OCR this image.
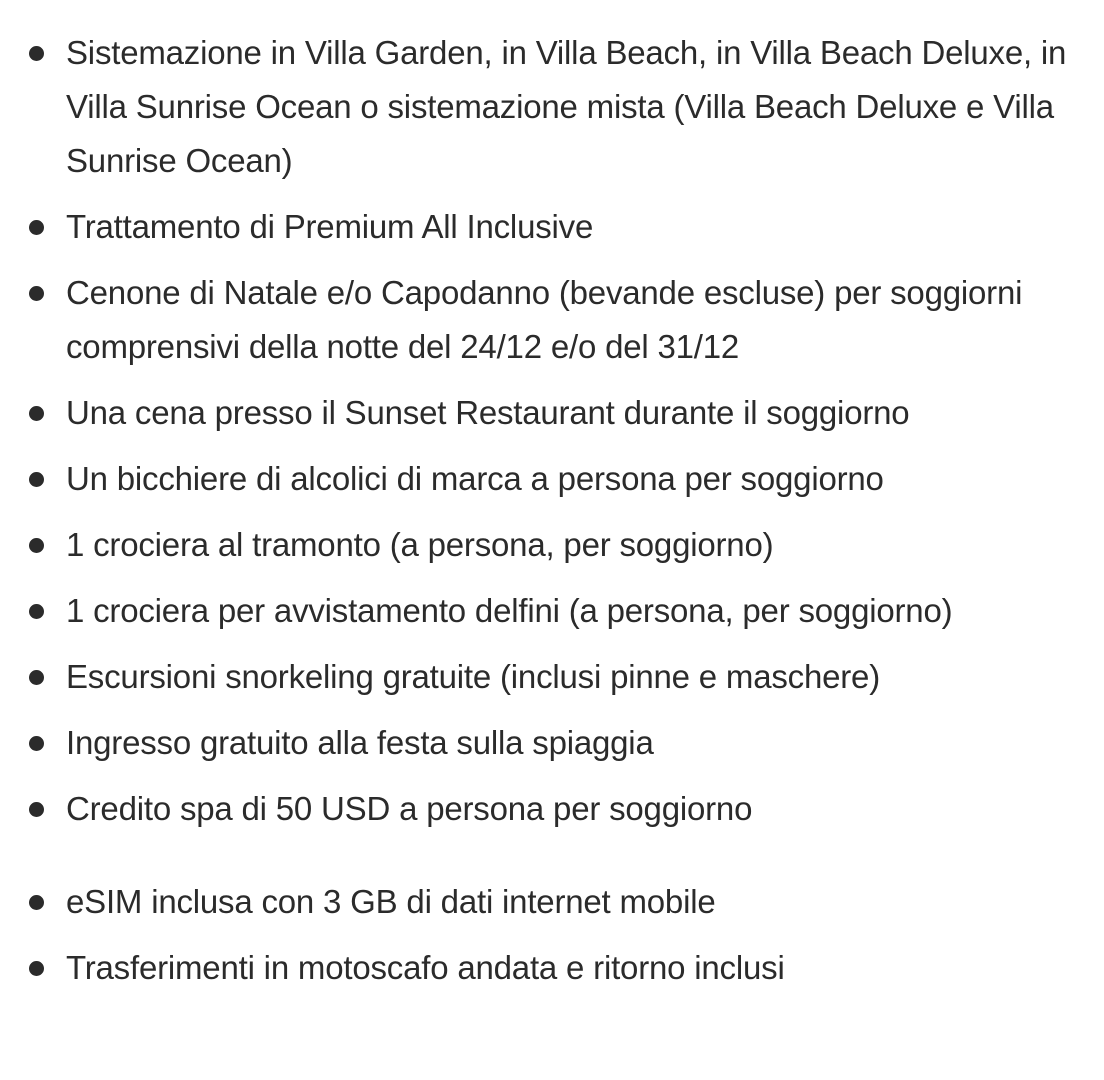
Sistemazione in Villa Garden, in Villa Beach, in Villa Beach Deluxe, in Villa Sunrise Ocean o sistemazione mista (Villa Beach Deluxe e Villa Sunrise Ocean)
Trattamento di Premium All Inclusive
Cenone di Natale e/o Capodanno (bevande escluse) per soggiorni comprensivi della notte del 24/12 e/o del 31/12
Una cena presso il Sunset Restaurant durante il soggiorno
Un bicchiere di alcolici di marca a persona per soggiorno
1 crociera al tramonto (a persona, per soggiorno)
1 crociera per avvistamento delfini (a persona, per soggiorno)
Escursioni snorkeling gratuite (inclusi pinne e maschere)
Ingresso gratuito alla festa sulla spiaggia
Credito spa di 50 USD a persona per soggiorno
eSIM inclusa con 3 GB di dati internet mobile
Trasferimenti in motoscafo andata e ritorno inclusi
